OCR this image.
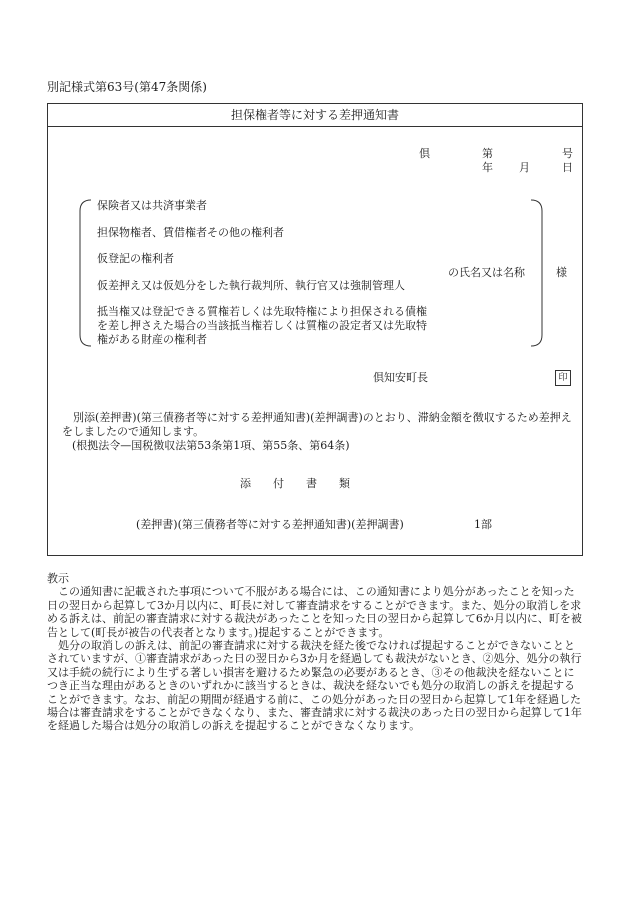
別記様式第63号(第47条関係)
担保権者等に対する差押通知書
倶	第	号
年 月	日
保険者又は共済事業者
担保物権者、賃借権者その他の権利者
仮登記の権利者
仮差押え又は仮処分をした執行裁判所、執行官又は強制管理人
抵当権又は登記できる質権若しくは先取特権により担保される債権を差し押さえた場合の当該抵当権若しくは質権の設定者又は先取特権がある財産の権利者
の氏名又は名称	様
倶知安町長	印
別添(差押書)(第三債務者等に対する差押通知書)(差押調書)のとおり、滞納金額を徴収するため差押えをしましたので通知します。
(根拠法令—国税徴収法第53条第1項、第55条、第64条)
添　　付　　書　　類
(差押書)(第三債務者等に対する差押通知書)(差押調書)	1部

教示

この通知書に記載された事項について不服がある場合には、この通知書により処分があったことを知った日の翌日から起算して3か月以内に、町長に対して審査請求をすることができます。また、処分の取消しを求める訴えは、前記の審査請求に対する裁決があったことを知った日の翌日から起算して6か月以内に、町を被告として(町長が被告の代表者となります。)提起することができます。

処分の取消しの訴えは、前記の審査請求に対する裁決を経た後でなければ提起することができないこととされていますが、①審査請求があった日の翌日から3か月を経過しても裁決がないとき、②処分、処分の執行又は手続の続行により生ずる著しい損害を避けるため緊急の必要があるとき、③その他裁決を経ないことにつき正当な理由があるときのいずれかに該当するときは、裁決を経ないでも処分の取消しの訴えを提起することができます。なお、前記の期間が経過する前に、この処分があった日の翌日から起算して1年を経過した場合は審査請求をすることができなくなり、また、審査請求に対する裁決のあった日の翌日から起算して1年を経過した場合は処分の取消しの訴えを提起することができなくなります。
